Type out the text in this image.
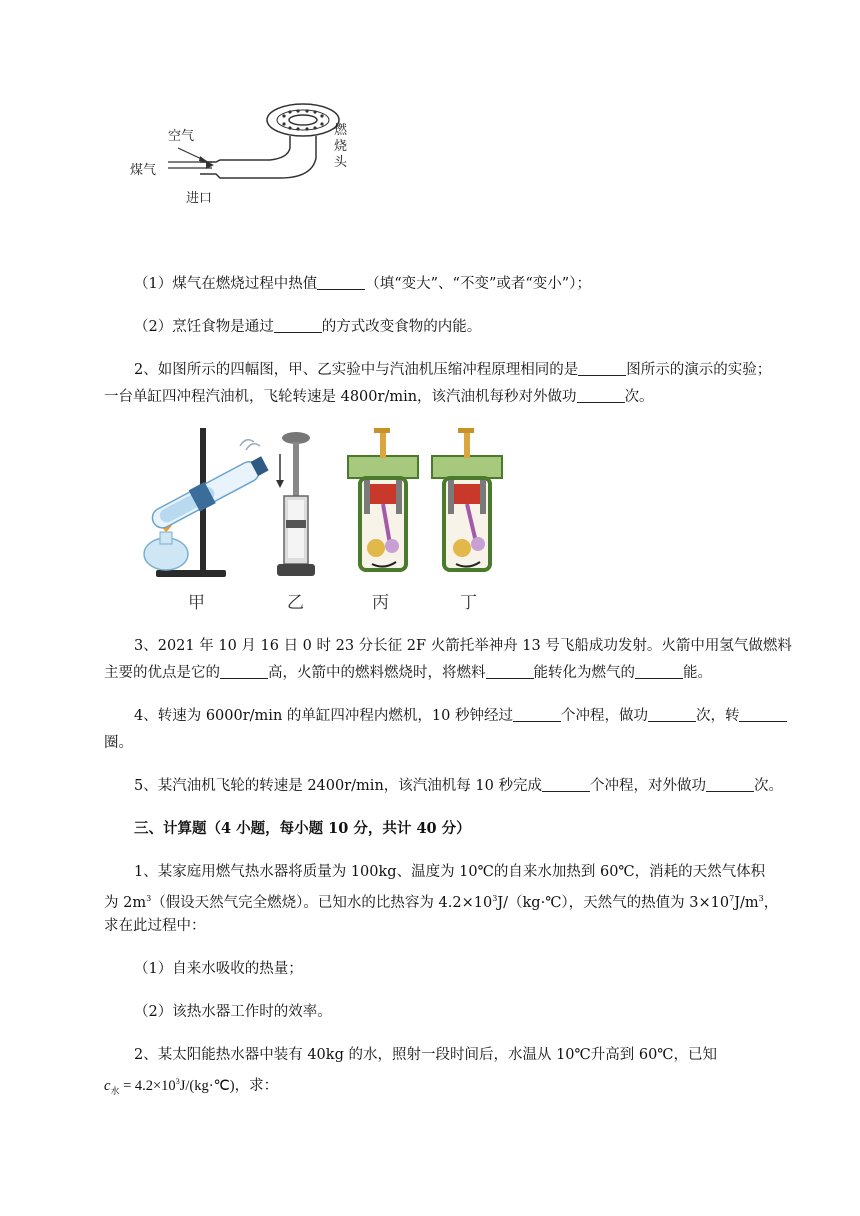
空气
煤气
进口
燃
烧
头
（1）煤气在燃烧过程中热值	（填“变大”、“不变”或者“变小”）；
（2）烹饪食物是通过	的方式改变食物的内能。
2、如图所示的四幅图，甲、乙实验中与汽油机压缩冲程原理相同的是	图所示的演示的实验；
一台单缸四冲程汽油机，飞轮转速是 4800r/min，该汽油机每秒对外做功	次。
甲	乙	丙	丁
3、2021 年 10 月 16 日 0 时 23 分长征 2F 火箭托举神舟 13 号飞船成功发射。火箭中用氢气做燃料
主要的优点是它的	高，火箭中的燃料燃烧时，将燃料	能转化为燃气的	能。
4、转速为 6000r/min 的单缸四冲程内燃机，10 秒钟经过	个冲程，做功	次，转
圈。
5、某汽油机飞轮的转速是 2400r/min，该汽油机每 10 秒完成	个冲程，对外做功	次。
三、计算题（4 小题，每小题 10 分，共计 40 分）
1、某家庭用燃气热水器将质量为 100kg、温度为 10℃的自来水加热到 60℃，消耗的天然气体积
为 $2m^3$（假设天然气完全燃烧）。已知水的比热容为 $4.2\times 10^3J/(kg\cdot℃)$，天然气的热值为 $3\times 10^7J/m^3$，
求在此过程中：
（1）自来水吸收的热量；
（2）该热水器工作时的效率。
2、某太阳能热水器中装有 40kg 的水，照射一段时间后，水温从 10℃升高到 60℃，已知
$c_水$ = $4.2\times 10^3J/(kg\cdot℃)$，求：
